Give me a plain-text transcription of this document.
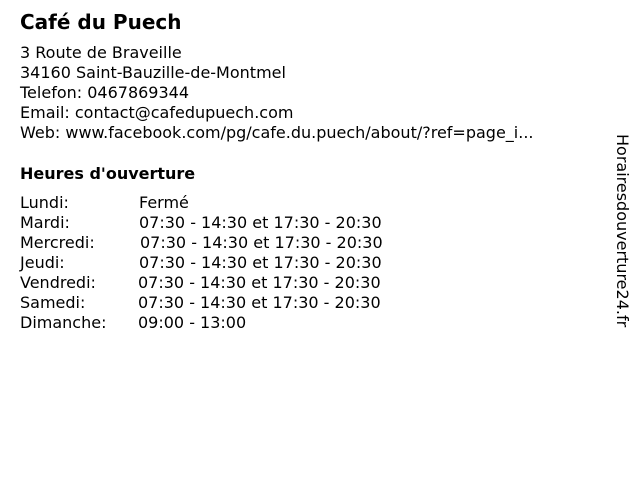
Café du Puech
3 Route de Braveille
34160 Saint-Bauzille-de-Montmel
Telefon: 0467869344
Email: contact@cafedupuech.com
Web: www.facebook.com/pg/cafe.du.puech/about/?ref=page_i...
Heures d'ouverture
Lundi:	Fermé
Mardi:	07:30 - 14:30 et 17:30 - 20:30
Mercredi:	07:30 - 14:30 et 17:30 - 20:30
Jeudi:	07:30 - 14:30 et 17:30 - 20:30
Vendredi:	07:30 - 14:30 et 17:30 - 20:30
Samedi:	07:30 - 14:30 et 17:30 - 20:30
Dimanche: 09:00 - 13:00	Horairesdouverture24.fr
